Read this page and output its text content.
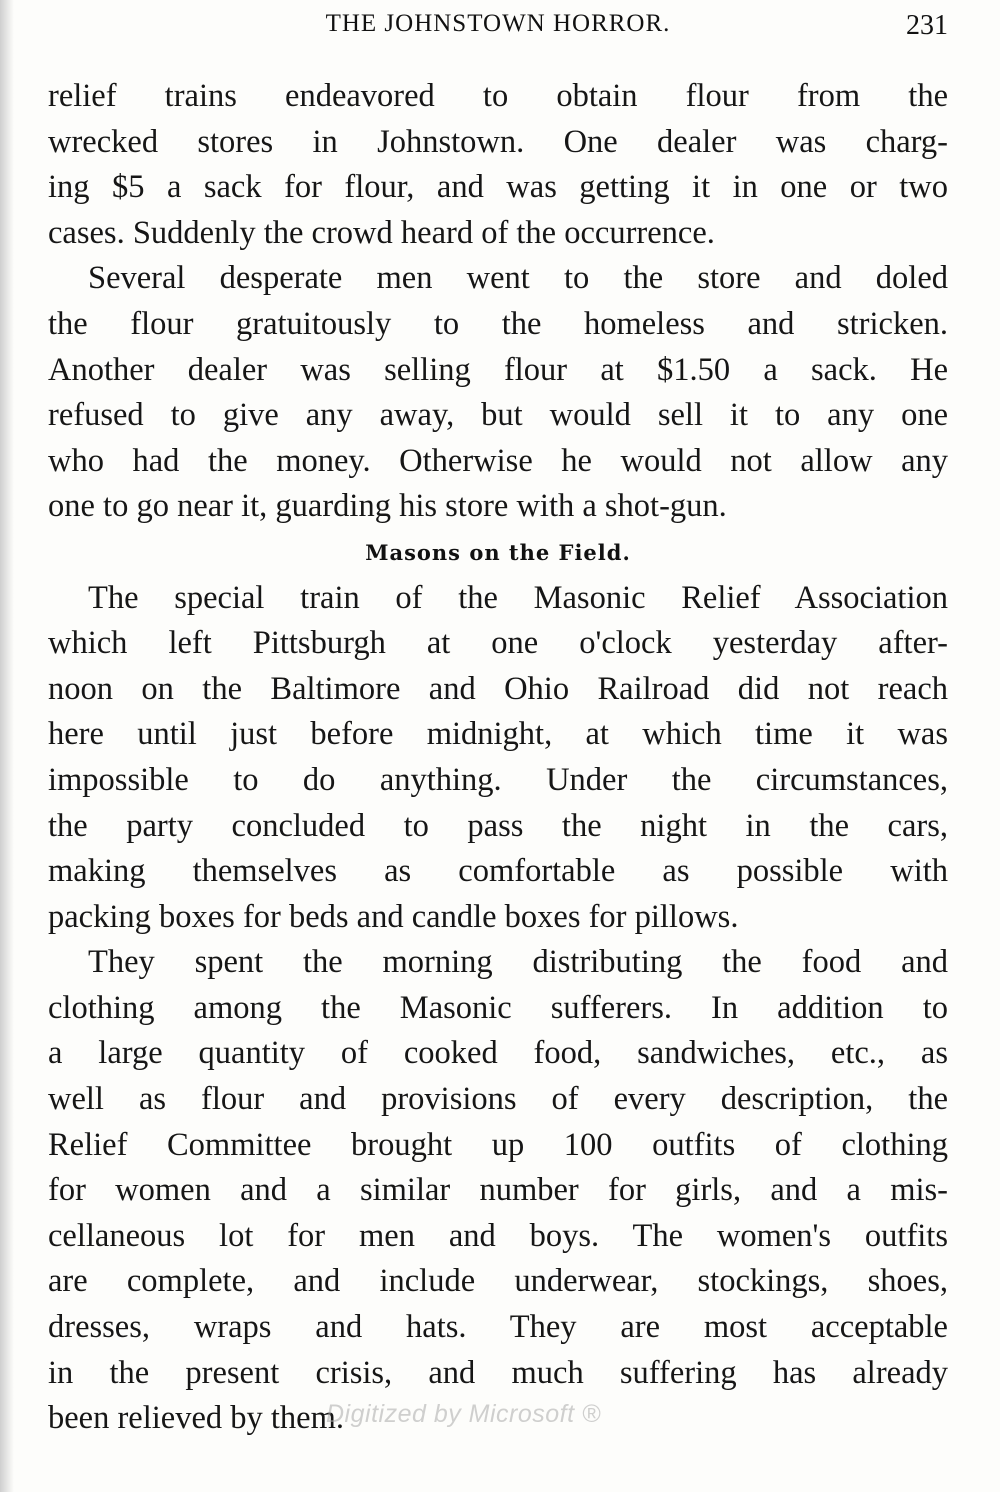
THE JOHNSTOWN HORROR.	231
relief trains endeavored to obtain flour from the
wrecked stores in Johnstown. One dealer was charg-
ing $5 a sack for flour, and was getting it in one or two
cases. Suddenly the crowd heard of the occurrence.
Several desperate men went to the store and doled
the flour gratuitously to the homeless and stricken.
Another dealer was selling flour at $1.50 a sack. He
refused to give any away, but would sell it to any one
who had the money. Otherwise he would not allow any
one to go near it, guarding his store with a shot-gun.
Masons on the Field.
The special train of the Masonic Relief Association
which left Pittsburgh at one o'clock yesterday after-
noon on the Baltimore and Ohio Railroad did not reach
here until just before midnight, at which time it was
impossible to do anything. Under the circumstances,
the party concluded to pass the night in the cars,
making themselves as comfortable as possible with
packing boxes for beds and candle boxes for pillows.
They spent the morning distributing the food and
clothing among the Masonic sufferers. In addition to
a large quantity of cooked food, sandwiches, etc., as
well as flour and provisions of every description, the
Relief Committee brought up 100 outfits of clothing
for women and a similar number for girls, and a mis-
cellaneous lot for men and boys. The women's outfits
are complete, and include underwear, stockings, shoes,
dresses, wraps and hats. They are most acceptable
in the present crisis, and much suffering has already
been relieved by them.
Digitized by Microsoft ®
